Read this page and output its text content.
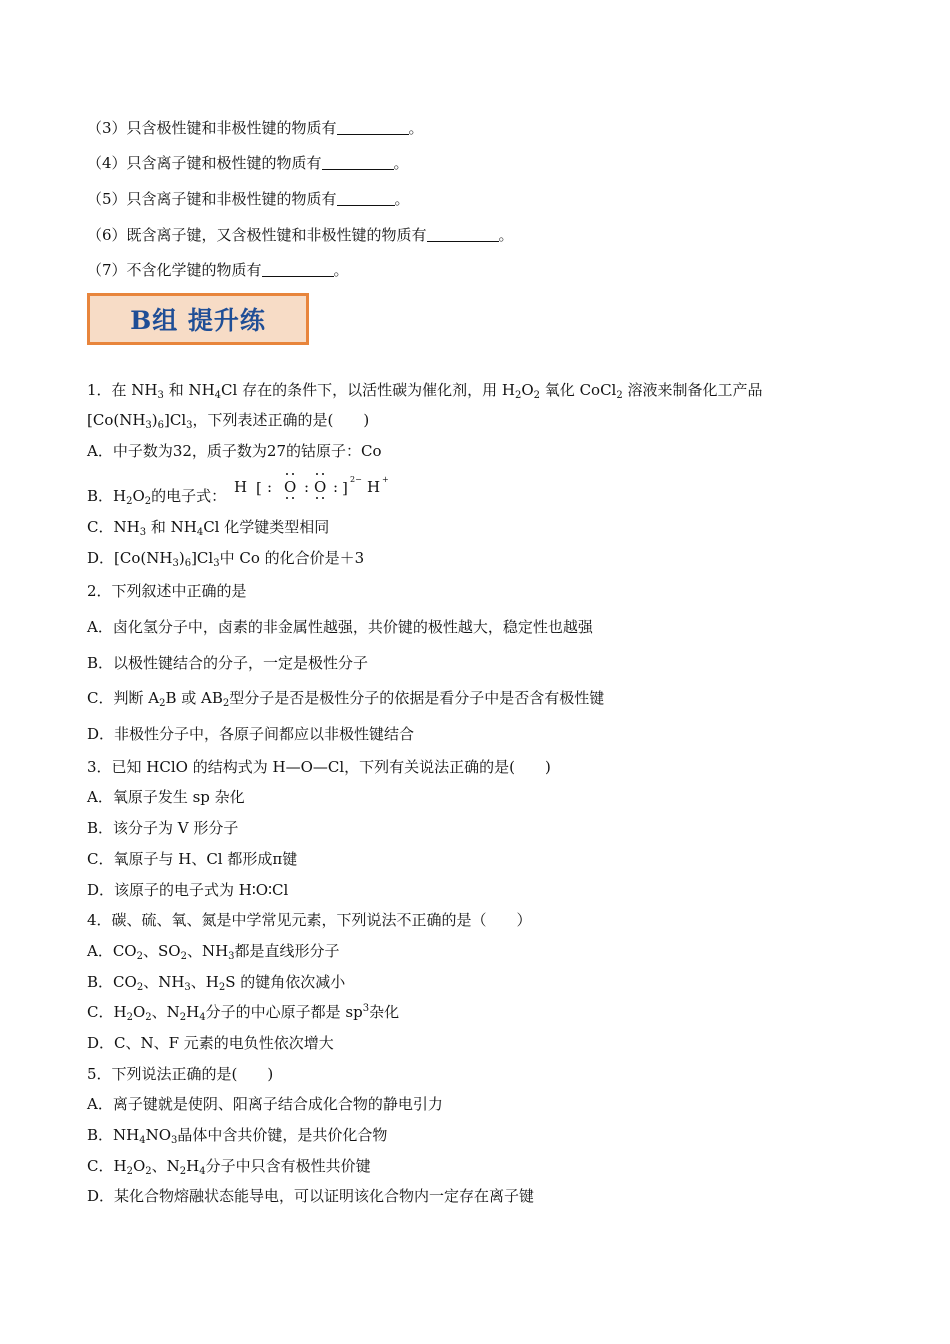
（3）只含极性键和非极性键的物质有	。
（4）只含离子键和极性键的物质有	。
（5）只含离子键和非极性键的物质有	。
（6）既含离子键，又含极性键和非极性键的物质有	。
（7）不含化学键的物质有	。
B组 提升练
1．在 $NH_3$ 和 $NH_4Cl$ 存在的条件下，以活性碳为催化剂，用 $H_2O_2$ 氧化 CoCl$_2$ 溶液来制备化工产品
$[Co(NH_3)_6]Cl_3$，下列表述正确的是(　　)
A．中子数为32，质子数为27的钴原子：Co
B．$H_2O_2$的电子式： H [ : O : O : ] 2− H +
C．$NH_3$ 和 $NH_4Cl$ 化学键类型相同
D．$[Co(NH_3)_6]Cl_3$中 Co 的化合价是＋3
2．下列叙述中正确的是
A．卤化氢分子中，卤素的非金属性越强，共价键的极性越大，稳定性也越强
B．以极性键结合的分子，一定是极性分子
C．判断 $A_2B$ 或 $AB_2$型分子是否是极性分子的依据是看分子中是否含有极性键
D．非极性分子中，各原子间都应以非极性键结合
3．已知 HClO 的结构式为 H—O—Cl，下列有关说法正确的是(　　)
A．氧原子发生 sp 杂化
B．该分子为 V 形分子
C．氧原子与 H、Cl 都形成π键
D．该原子的电子式为 H∶O∶Cl
4．碳、硫、氧、氮是中学常见元素，下列说法不正确的是（　　）
A．$CO_2$、$SO_2$、$NH_3$都是直线形分子
B．$CO_2$、$NH_3$、$H_2S$ 的键角依次减小
C．$H_2O_2$、$N_2H_4$分子的中心原子都是 $sp^3$杂化
D．C、N、F 元素的电负性依次增大
5．下列说法正确的是(　　)
A．离子键就是使阴、阳离子结合成化合物的静电引力
B．$NH_4NO_3$晶体中含共价键，是共价化合物
C．$H_2O_2$、$N_2H_4$分子中只含有极性共价键
D．某化合物熔融状态能导电，可以证明该化合物内一定存在离子键
